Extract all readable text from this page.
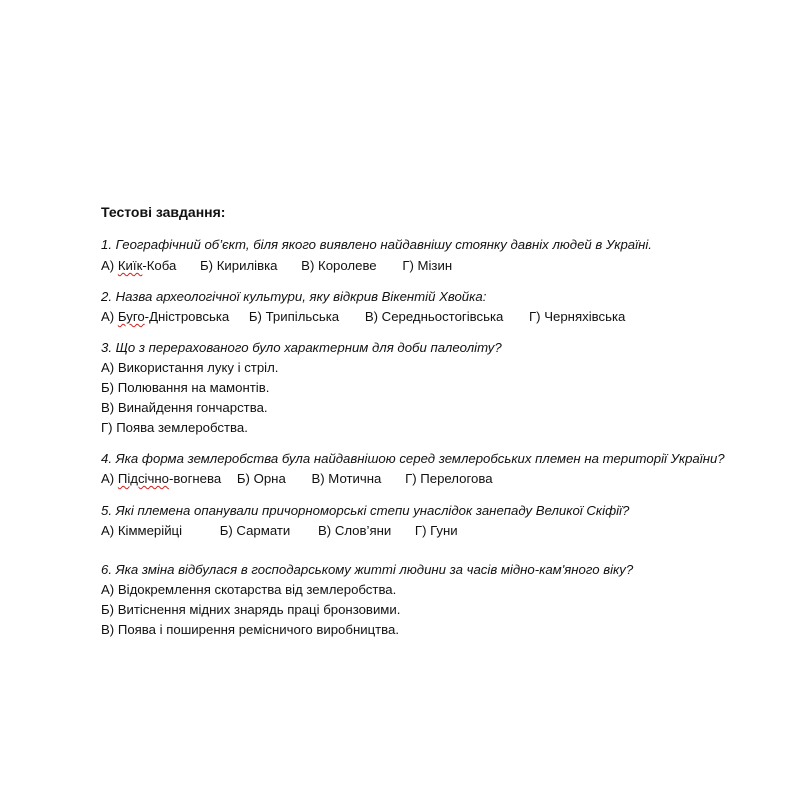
Тестові завдання:
1. Географічний об’єкт, біля якого виявлено найдавнішу стоянку давніх людей в Україні.
А) Киїк-Коба Б) Кирилівка В) Королеве Г) Мізин
2. Назва археологічної культури, яку відкрив Вікентій Хвойка:
А) Буго-Дністровська Б) Трипільська В) Середньостогівська Г) Черняхівська
3. Що з перерахованого було характерним для доби палеоліту?
А) Використання луку і стріл.
Б) Полювання на мамонтів.
В) Винайдення гончарства.
Г) Поява землеробства.
4. Яка форма землеробства була найдавнішою серед землеробських племен на території України?
А) Підсічно-вогнева Б) Орна В) Мотична Г) Перелогова
5. Які племена опанували причорноморські степи унаслідок занепаду Великої Скіфії?
А) Кіммерійці	Б) Сармати В) Слов’яни Г) Гуни
6. Яка зміна відбулася в господарському житті людини за часів мідно-кам'яного віку?
А) Відокремлення скотарства від землеробства.
Б) Витіснення мідних знарядь праці бронзовими.
В) Поява і поширення ремісничого виробництва.
